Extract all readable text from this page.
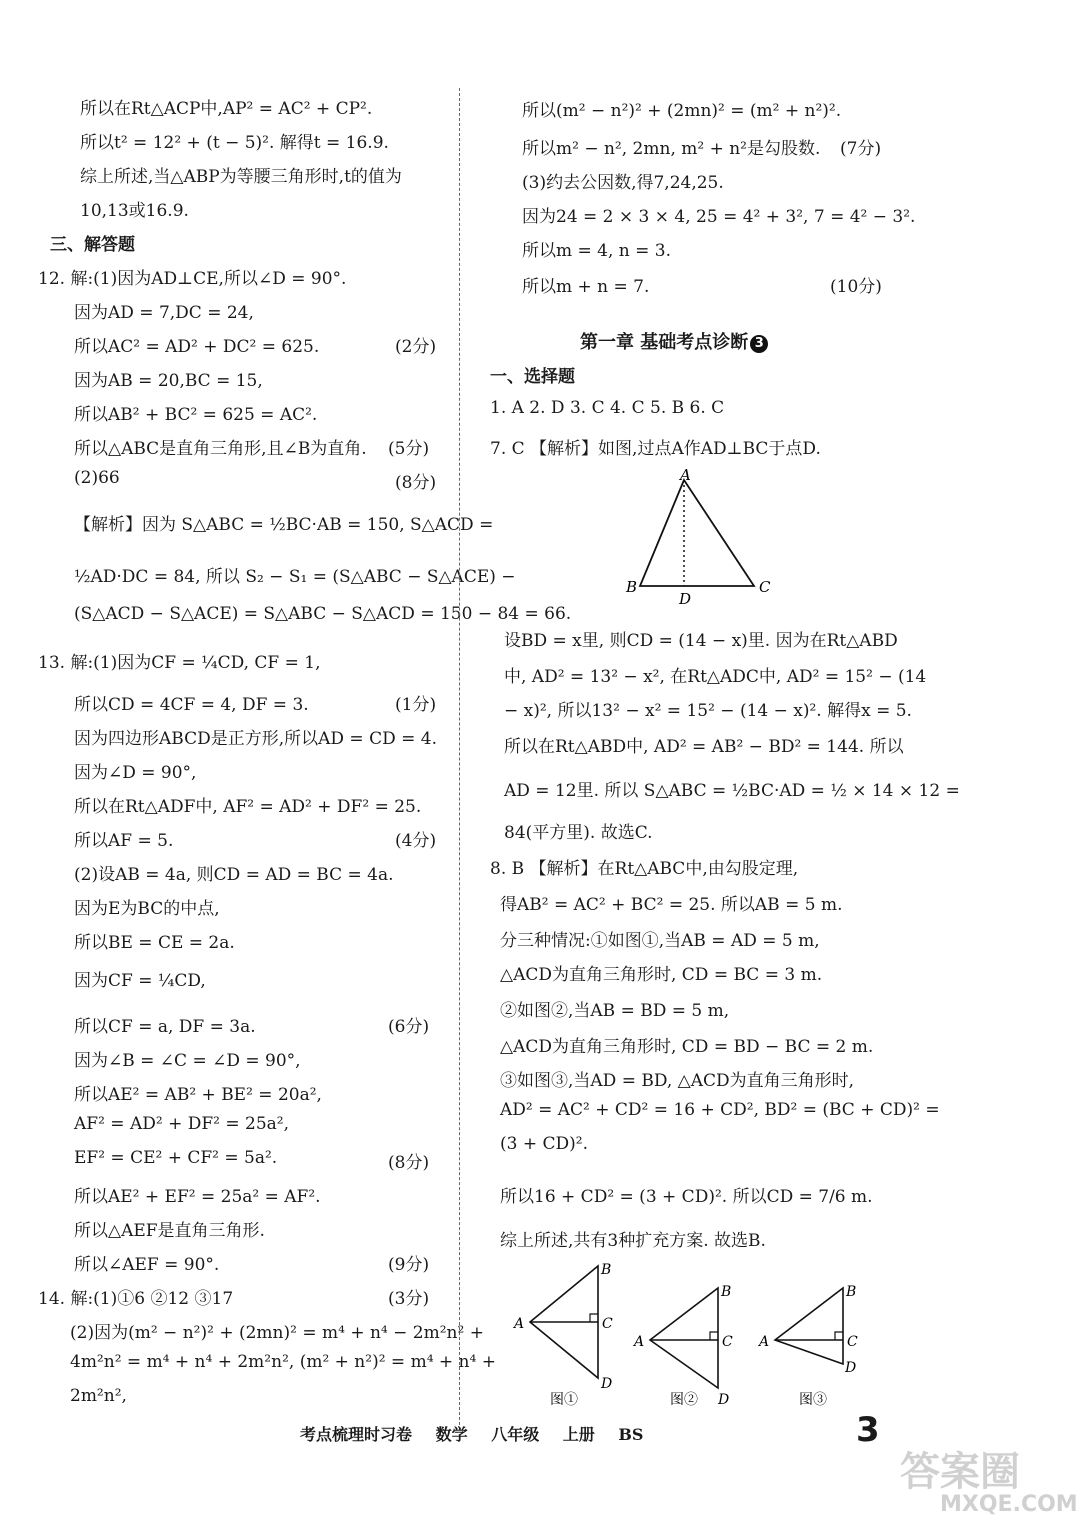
所以在Rt△ACP中,AP² = AC² + CP².
所以t² = 12² + (t − 5)². 解得t = 16.9.
综上所述,当△ABP为等腰三角形时,t的值为
10,13或16.9.
三、解答题
12. 解:(1)因为AD⊥CE,所以∠D = 90°.
因为AD = 7,DC = 24,
所以AC² = AD² + DC² = 625.	(2分)
因为AB = 20,BC = 15,
所以AB² + BC² = 625 = AC².
所以△ABC是直角三角形,且∠B为直角. (5分)
(2)66	(8分)
【解析】因为 S△ABC = ½BC·AB = 150, S△ACD =
½AD·DC = 84, 所以 S₂ − S₁ = (S△ABC − S△ACE) −
(S△ACD − S△ACE) = S△ABC − S△ACD = 150 − 84 = 66.
13. 解:(1)因为CF = ¼CD, CF = 1,
所以CD = 4CF = 4, DF = 3.	(1分)
因为四边形ABCD是正方形,所以AD = CD = 4.
因为∠D = 90°,
所以在Rt△ADF中, AF² = AD² + DF² = 25.
所以AF = 5.	(4分)
(2)设AB = 4a, 则CD = AD = BC = 4a.
因为E为BC的中点,
所以BE = CE = 2a.
因为CF = ¼CD,
所以CF = a, DF = 3a.	(6分)
因为∠B = ∠C = ∠D = 90°,
所以AE² = AB² + BE² = 20a²,
AF² = AD² + DF² = 25a²,
EF² = CE² + CF² = 5a².	(8分)
所以AE² + EF² = 25a² = AF².
所以△AEF是直角三角形.
所以∠AEF = 90°.	(9分)
14. 解:(1)①6 ②12 ③17	(3分)
(2)因为(m² − n²)² + (2mn)² = m⁴ + n⁴ − 2m²n² +
4m²n² = m⁴ + n⁴ + 2m²n², (m² + n²)² = m⁴ + n⁴ +
2m²n²,
所以(m² − n²)² + (2mn)² = (m² + n²)².
所以m² − n², 2mn, m² + n²是勾股数. (7分)
(3)约去公因数,得7,24,25.
因为24 = 2 × 3 × 4, 25 = 4² + 3², 7 = 4² − 3².
所以m = 4, n = 3.
所以m + n = 7.	(10分)
第一章 基础考点诊断 3
一、选择题
1. A 2. D 3. C 4. C 5. B 6. C
7. C 【解析】如图,过点A作AD⊥BC于点D.
A
B
D
C
设BD = x里, 则CD = (14 − x)里. 因为在Rt△ABD
中, AD² = 13² − x², 在Rt△ADC中, AD² = 15² − (14
− x)², 所以13² − x² = 15² − (14 − x)². 解得x = 5.
所以在Rt△ABD中, AD² = AB² − BD² = 144. 所以
AD = 12里. 所以 S△ABC = ½BC·AD = ½ × 14 × 12 =
84(平方里). 故选C.
8. B 【解析】在Rt△ABC中,由勾股定理,
得AB² = AC² + BC² = 25. 所以AB = 5 m.
分三种情况:①如图①,当AB = AD = 5 m,
△ACD为直角三角形时, CD = BC = 3 m.
②如图②,当AB = BD = 5 m,
△ACD为直角三角形时, CD = BD − BC = 2 m.
③如图③,当AD = BD, △ACD为直角三角形时,
AD² = AC² + CD² = 16 + CD², BD² = (BC + CD)² =
(3 + CD)².
所以16 + CD² = (3 + CD)². 所以CD = 7/6 m.
综上所述,共有3种扩充方案. 故选B.
B
A	C
D
图①
B
A	C
D
图②
B
A	C
D
图③
考点梳理时习卷 数学 八年级 上册 BS	3
答案圈
MXQE.COM
